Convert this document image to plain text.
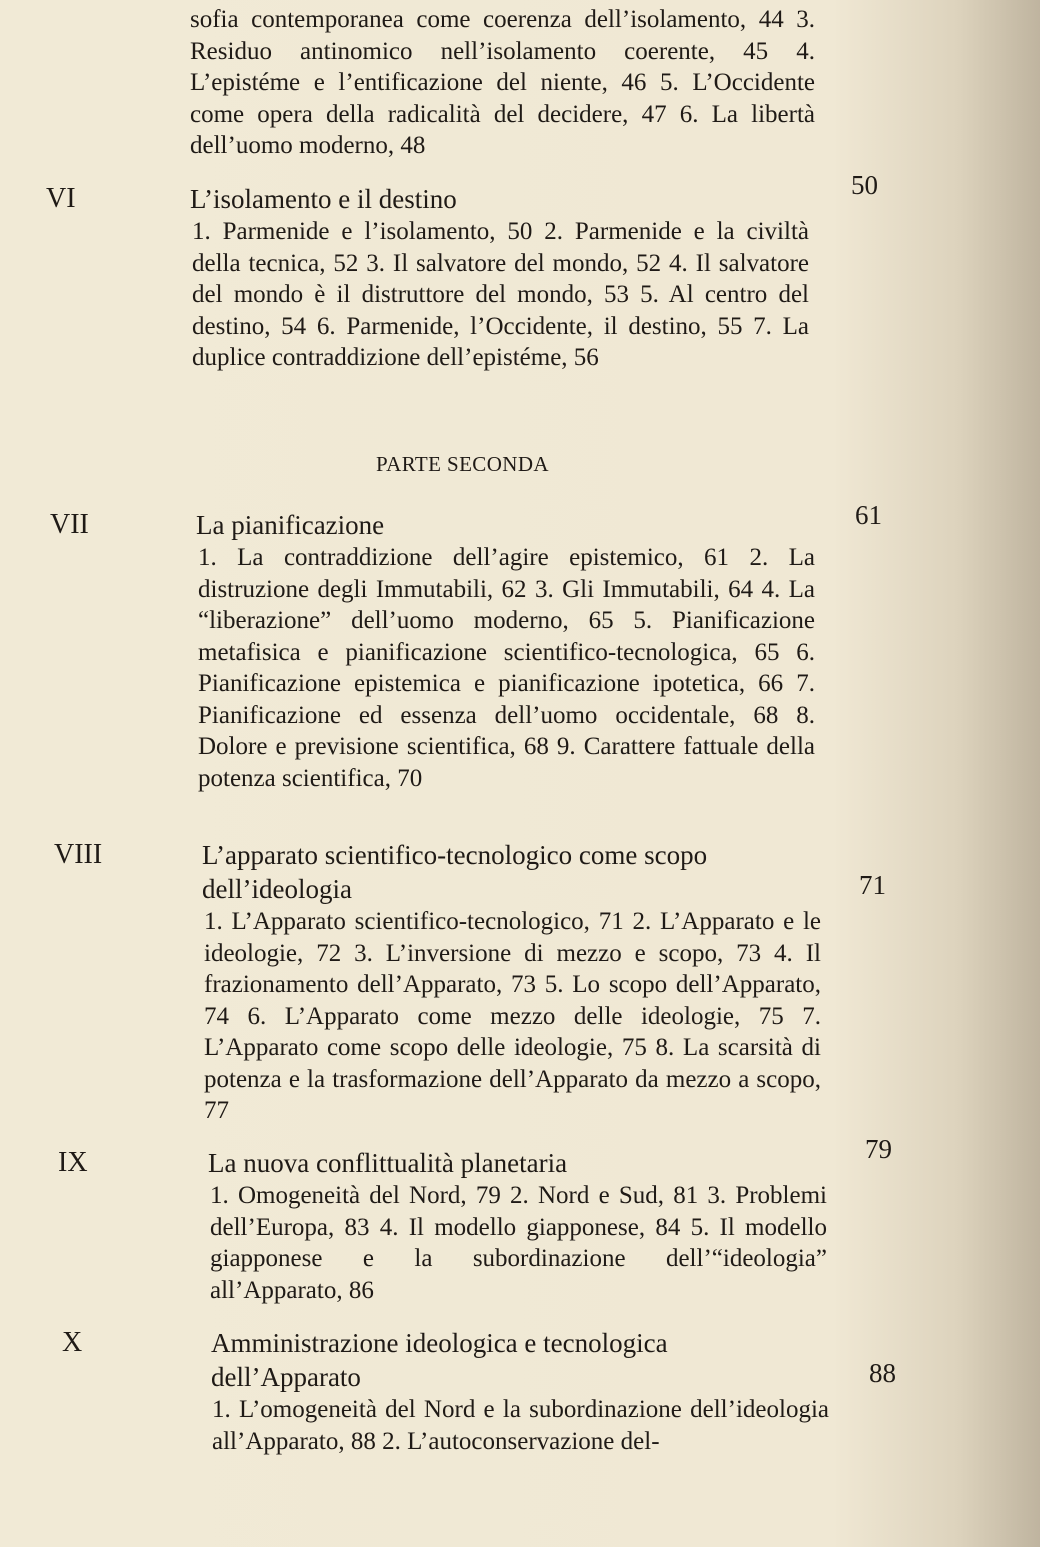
sofia contemporanea come coerenza dell’isolamento, 44 3. Residuo antinomico nell’isolamento coerente, 45 4. L’epistéme e l’entificazione del niente, 46 5. L’Occidente come opera della radicalità del decidere, 47 6. La libertà dell’uomo moderno, 48
VI	L’isolamento e il destino	50
1. Parmenide e l’isolamento, 50 2. Parmenide e la civiltà della tecnica, 52 3. Il salvatore del mondo, 52 4. Il salvatore del mondo è il distruttore del mondo, 53 5. Al centro del destino, 54 6. Parmenide, l’Occidente, il destino, 55 7. La duplice contraddizione dell’epistéme, 56
PARTE SECONDA
VII	La pianificazione	61
1. La contraddizione dell’agire epistemico, 61 2. La distruzione degli Immutabili, 62 3. Gli Immutabili, 64 4. La “liberazione” dell’uomo moderno, 65 5. Pianificazione metafisica e pianificazione scientifico-tecnologica, 65 6. Pianificazione epistemica e pianificazione ipotetica, 66 7. Pianificazione ed essenza dell’uomo occidentale, 68 8. Dolore e previsione scientifica, 68 9. Carattere fattuale della potenza scientifica, 70
VIII	L’apparato scientifico-tecnologico come scopo dell’ideologia	71
1. L’Apparato scientifico-tecnologico, 71 2. L’Apparato e le ideologie, 72 3. L’inversione di mezzo e scopo, 73 4. Il frazionamento dell’Apparato, 73 5. Lo scopo dell’Apparato, 74 6. L’Apparato come mezzo delle ideologie, 75 7. L’Apparato come scopo delle ideologie, 75 8. La scarsità di potenza e la trasformazione dell’Apparato da mezzo a scopo, 77
IX	La nuova conflittualità planetaria	79
1. Omogeneità del Nord, 79 2. Nord e Sud, 81 3. Problemi dell’Europa, 83 4. Il modello giapponese, 84 5. Il modello giapponese e la subordinazione dell’“ideologia” all’Apparato, 86
X	Amministrazione ideologica e tecnologica dell’Apparato	88
1. L’omogeneità del Nord e la subordinazione dell’ideologia all’Apparato, 88 2. L’autoconservazione del-
